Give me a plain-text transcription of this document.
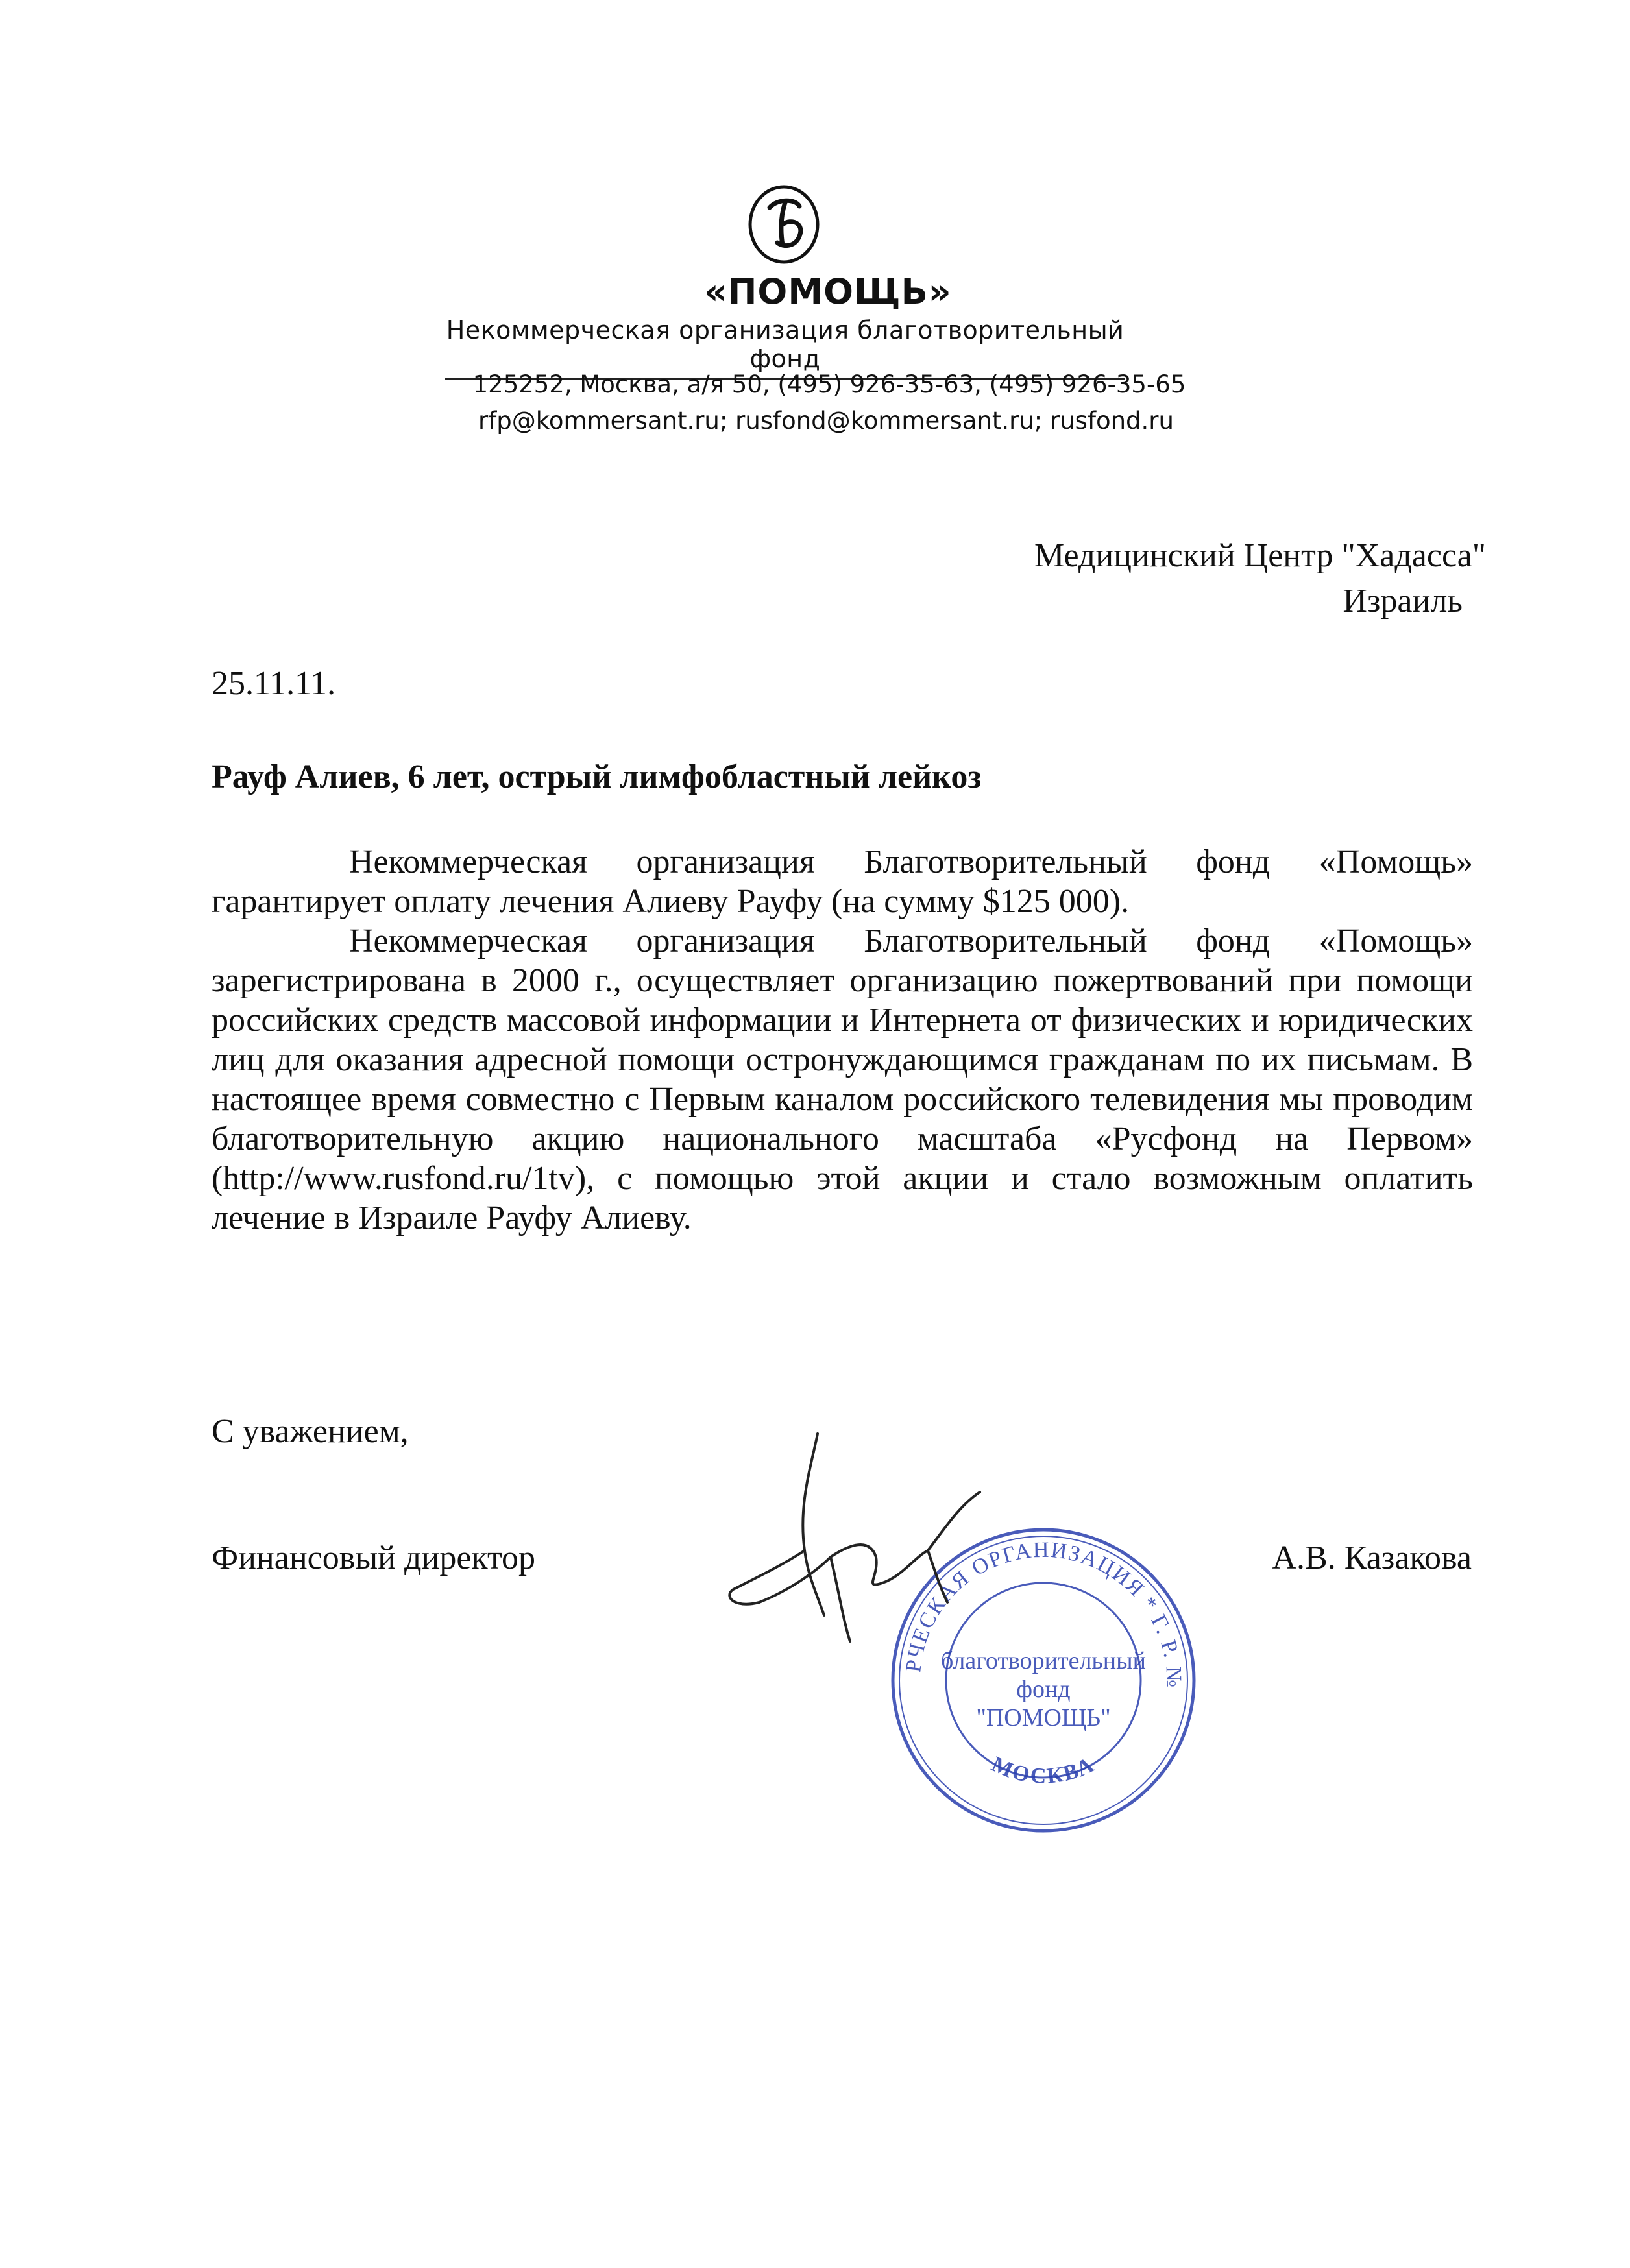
«ПОМОЩЬ»
Некоммерческая организация благотворительный фонд
125252, Москва, а/я 50, (495) 926-35-63, (495) 926-35-65
rfp@kommersant.ru; rusfond@kommersant.ru; rusfond.ru
Медицинский Центр "Хадасса"
Израиль
25.11.11.
Рауф Алиев, 6 лет, острый лимфобластный лейкоз

Некоммерческая организация Благотворительный фонд «Помощь» гарантирует оплату лечения Алиеву Рауфу (на сумму $125 000).

Некоммерческая организация Благотворительный фонд «Помощь» зарегистрирована в 2000 г., осуществляет организацию пожертвований при помощи российских средств массовой информации и Интернета от физических и юридических лиц для оказания адресной помощи остронуждающимся гражданам по их письмам. В настоящее время совместно с Первым каналом российского телевидения мы проводим благотворительную акцию национального масштаба «Русфонд на Первом» (http://www.rusfond.ru/1tv), с помощью этой акции и стало возможным оплатить лечение в Израиле Рауфу Алиеву.

С уважением,
Финансовый директор	А.В. Казакова
РЧЕСКАЯ ОРГАНИЗАЦИЯ * Г. Р. №
МОСКВА
благотворительный
фонд
"ПОМОЩЬ"
